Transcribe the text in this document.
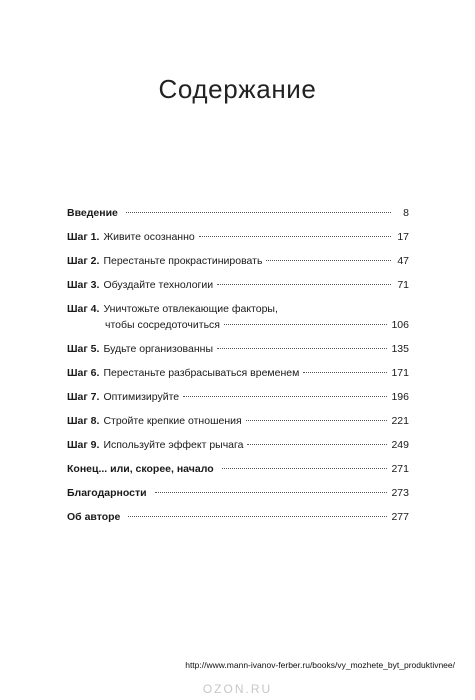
Содержание
Введение	8
Шаг 1. Живите осознанно	17
Шаг 2. Перестаньте прокрастинировать	47
Шаг 3. Обуздайте технологии	71
Шаг 4. Уничтожьте отвлекающие факторы,
чтобы сосредоточиться	106
Шаг 5. Будьте организованны	135
Шаг 6. Перестаньте разбрасываться временем	171
Шаг 7. Оптимизируйте	196
Шаг 8. Стройте крепкие отношения	221
Шаг 9. Используйте эффект рычага	249
Конец... или, скорее, начало	271
Благодарности	273
Об авторе	277
http://www.mann-ivanov-ferber.ru/books/vy_mozhete_byt_produktivnee/
OZON.RU
